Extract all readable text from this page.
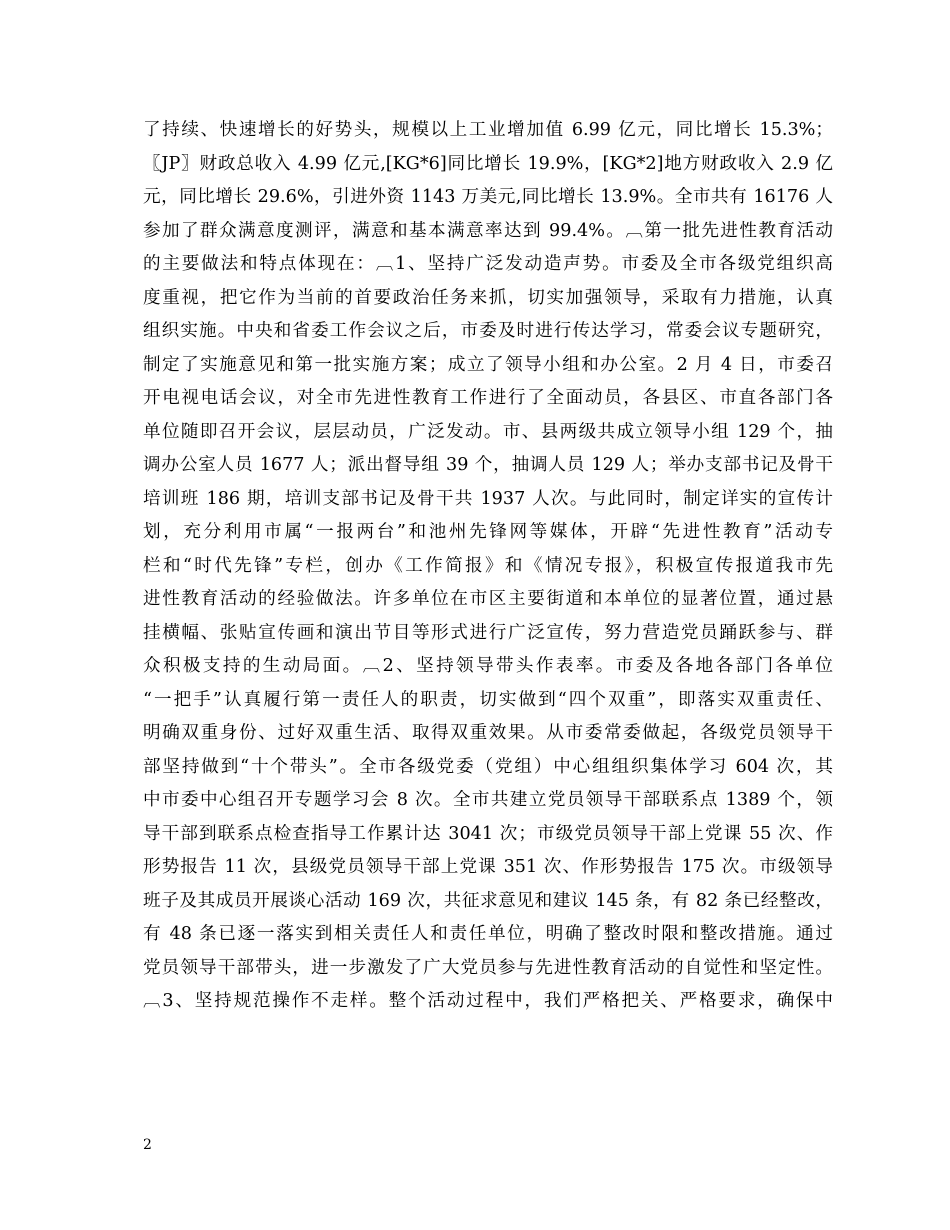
了持续、快速增长的好势头，规模以上工业增加值 6.99 亿元，同比增长 15.3%；
〖JP〗财政总收入 4.99 亿元,[KG*6]同比增长 19.9%，[KG*2]地方财政收入 2.9 亿
元，同比增长 29.6%，引进外资 1143 万美元,同比增长 13.9%。全市共有 16176 人
参加了群众满意度测评，满意和基本满意率达到 99.4%。︹第一批先进性教育活动
的主要做法和特点体现在：︹1、坚持广泛发动造声势。市委及全市各级党组织高
度重视，把它作为当前的首要政治任务来抓，切实加强领导，采取有力措施，认真
组织实施。中央和省委工作会议之后，市委及时进行传达学习，常委会议专题研究，
制定了实施意见和第一批实施方案；成立了领导小组和办公室。2 月 4 日，市委召
开电视电话会议，对全市先进性教育工作进行了全面动员，各县区、市直各部门各
单位随即召开会议，层层动员，广泛发动。市、县两级共成立领导小组 129 个，抽
调办公室人员 1677 人；派出督导组 39 个，抽调人员 129 人；举办支部书记及骨干
培训班 186 期，培训支部书记及骨干共 1937 人次。与此同时，制定详实的宣传计
划，充分利用市属“一报两台”和池州先锋网等媒体，开辟“先进性教育”活动专
栏和“时代先锋”专栏，创办《工作简报》和《情况专报》，积极宣传报道我市先
进性教育活动的经验做法。许多单位在市区主要街道和本单位的显著位置，通过悬
挂横幅、张贴宣传画和演出节目等形式进行广泛宣传，努力营造党员踊跃参与、群
众积极支持的生动局面。︹2、坚持领导带头作表率。市委及各地各部门各单位
“一把手”认真履行第一责任人的职责，切实做到“四个双重”，即落实双重责任、
明确双重身份、过好双重生活、取得双重效果。从市委常委做起，各级党员领导干
部坚持做到“十个带头”。全市各级党委（党组）中心组组织集体学习 604 次，其
中市委中心组召开专题学习会 8 次。全市共建立党员领导干部联系点 1389 个，领
导干部到联系点检查指导工作累计达 3041 次；市级党员领导干部上党课 55 次、作
形势报告 11 次，县级党员领导干部上党课 351 次、作形势报告 175 次。市级领导
班子及其成员开展谈心活动 169 次，共征求意见和建议 145 条，有 82 条已经整改，
有 48 条已逐一落实到相关责任人和责任单位，明确了整改时限和整改措施。通过
党员领导干部带头，进一步激发了广大党员参与先进性教育活动的自觉性和坚定性。
︹3、坚持规范操作不走样。整个活动过程中，我们严格把关、严格要求，确保中
2
